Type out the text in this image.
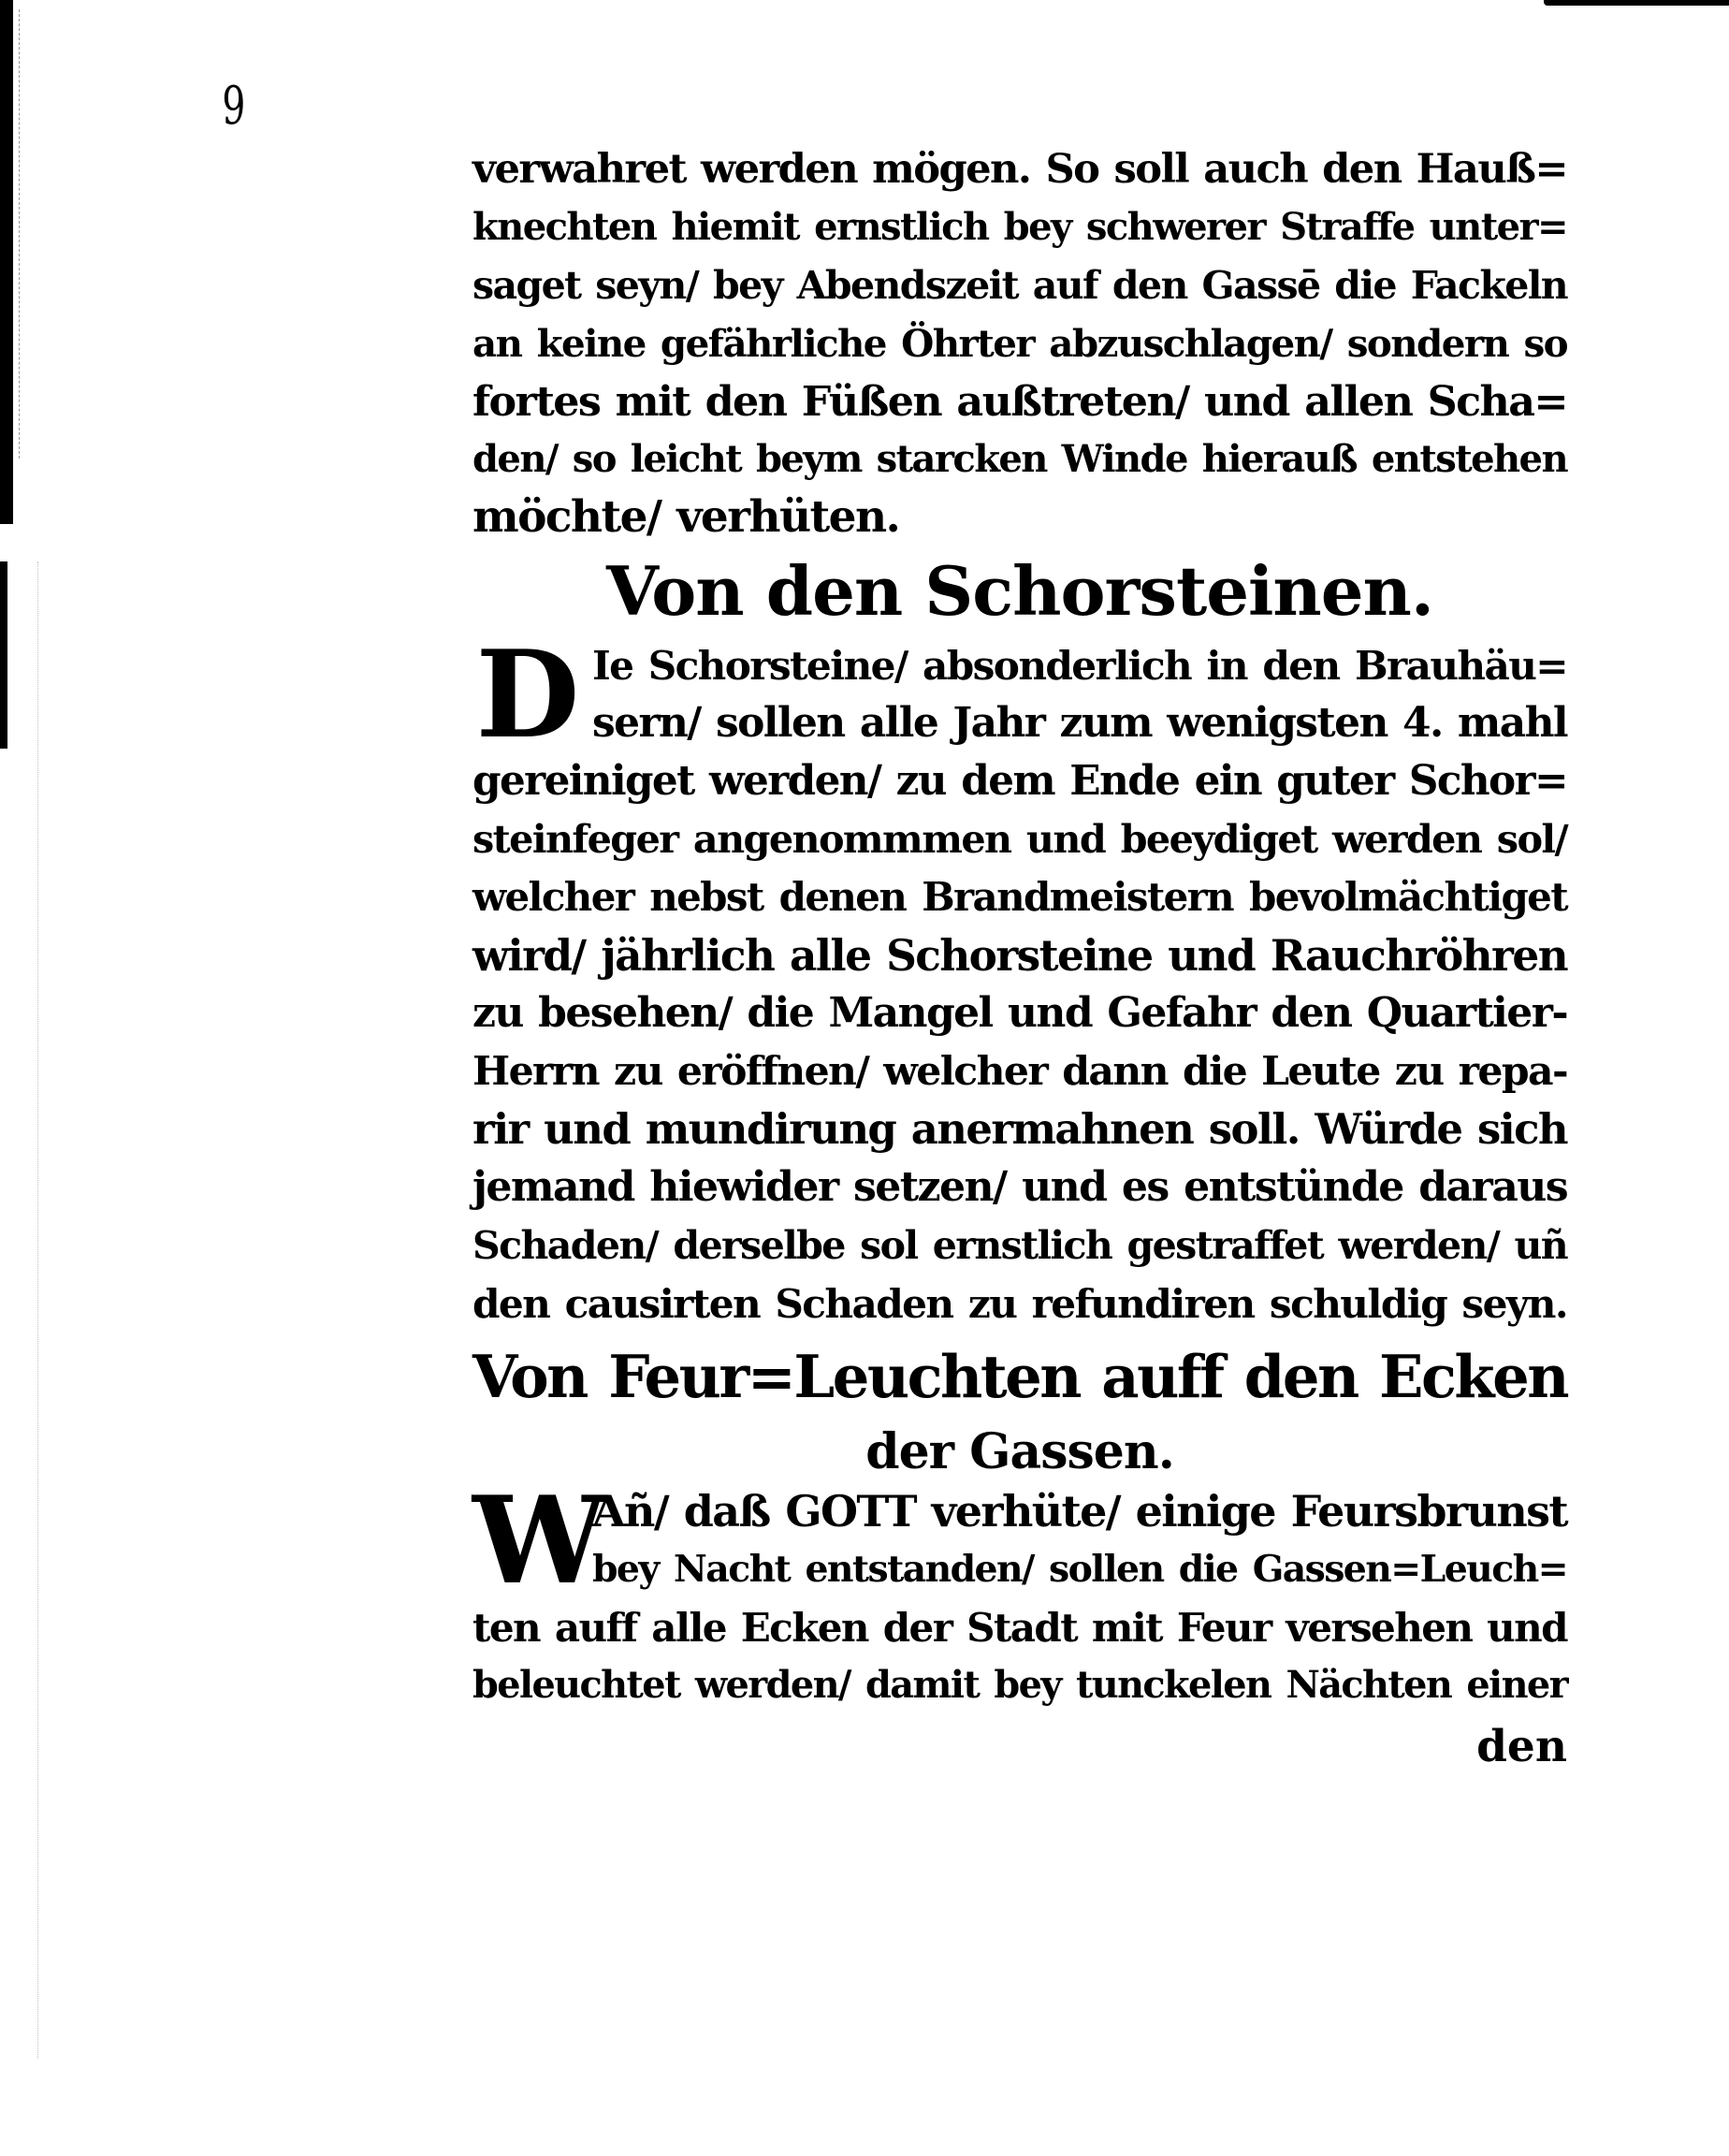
9
verwahret werden mögen. So soll auch den Hauß=
knechten hiemit ernstlich bey schwerer Straffe unter=
saget seyn/ bey Abendszeit auf den Gassē die Fackeln
an keine gefährliche Öhrter abzuschlagen/ sondern so
fortes mit den Füßen außtreten/ und allen Scha=
den/ so leicht beym starcken Winde hierauß entstehen
möchte/ verhüten.
Von den Schorsteinen.
D Ie Schorsteine/ absonderlich in den Brauhäu=
sern/ sollen alle Jahr zum wenigsten 4. mahl
gereiniget werden/ zu dem Ende ein guter Schor=
steinfeger angenommmen und beeydiget werden sol/
welcher nebst denen Brandmeistern bevolmächtiget
wird/ jährlich alle Schorsteine und Rauchröhren
zu besehen/ die Mangel und Gefahr den Quartier-
Herrn zu eröffnen/ welcher dann die Leute zu repa-
rir und mundirung anermahnen soll. Würde sich
jemand hiewider setzen/ und es entstünde daraus
Schaden/ derselbe sol ernstlich gestraffet werden/ uñ
den causirten Schaden zu refundiren schuldig seyn.
Von Feur=Leuchten auff den Ecken
der Gassen.
W
Añ/ daß GOTT verhüte/ einige Feursbrunst
bey Nacht entstanden/ sollen die Gassen=Leuch=
ten auff alle Ecken der Stadt mit Feur versehen und
beleuchtet werden/ damit bey tunckelen Nächten einer
den
